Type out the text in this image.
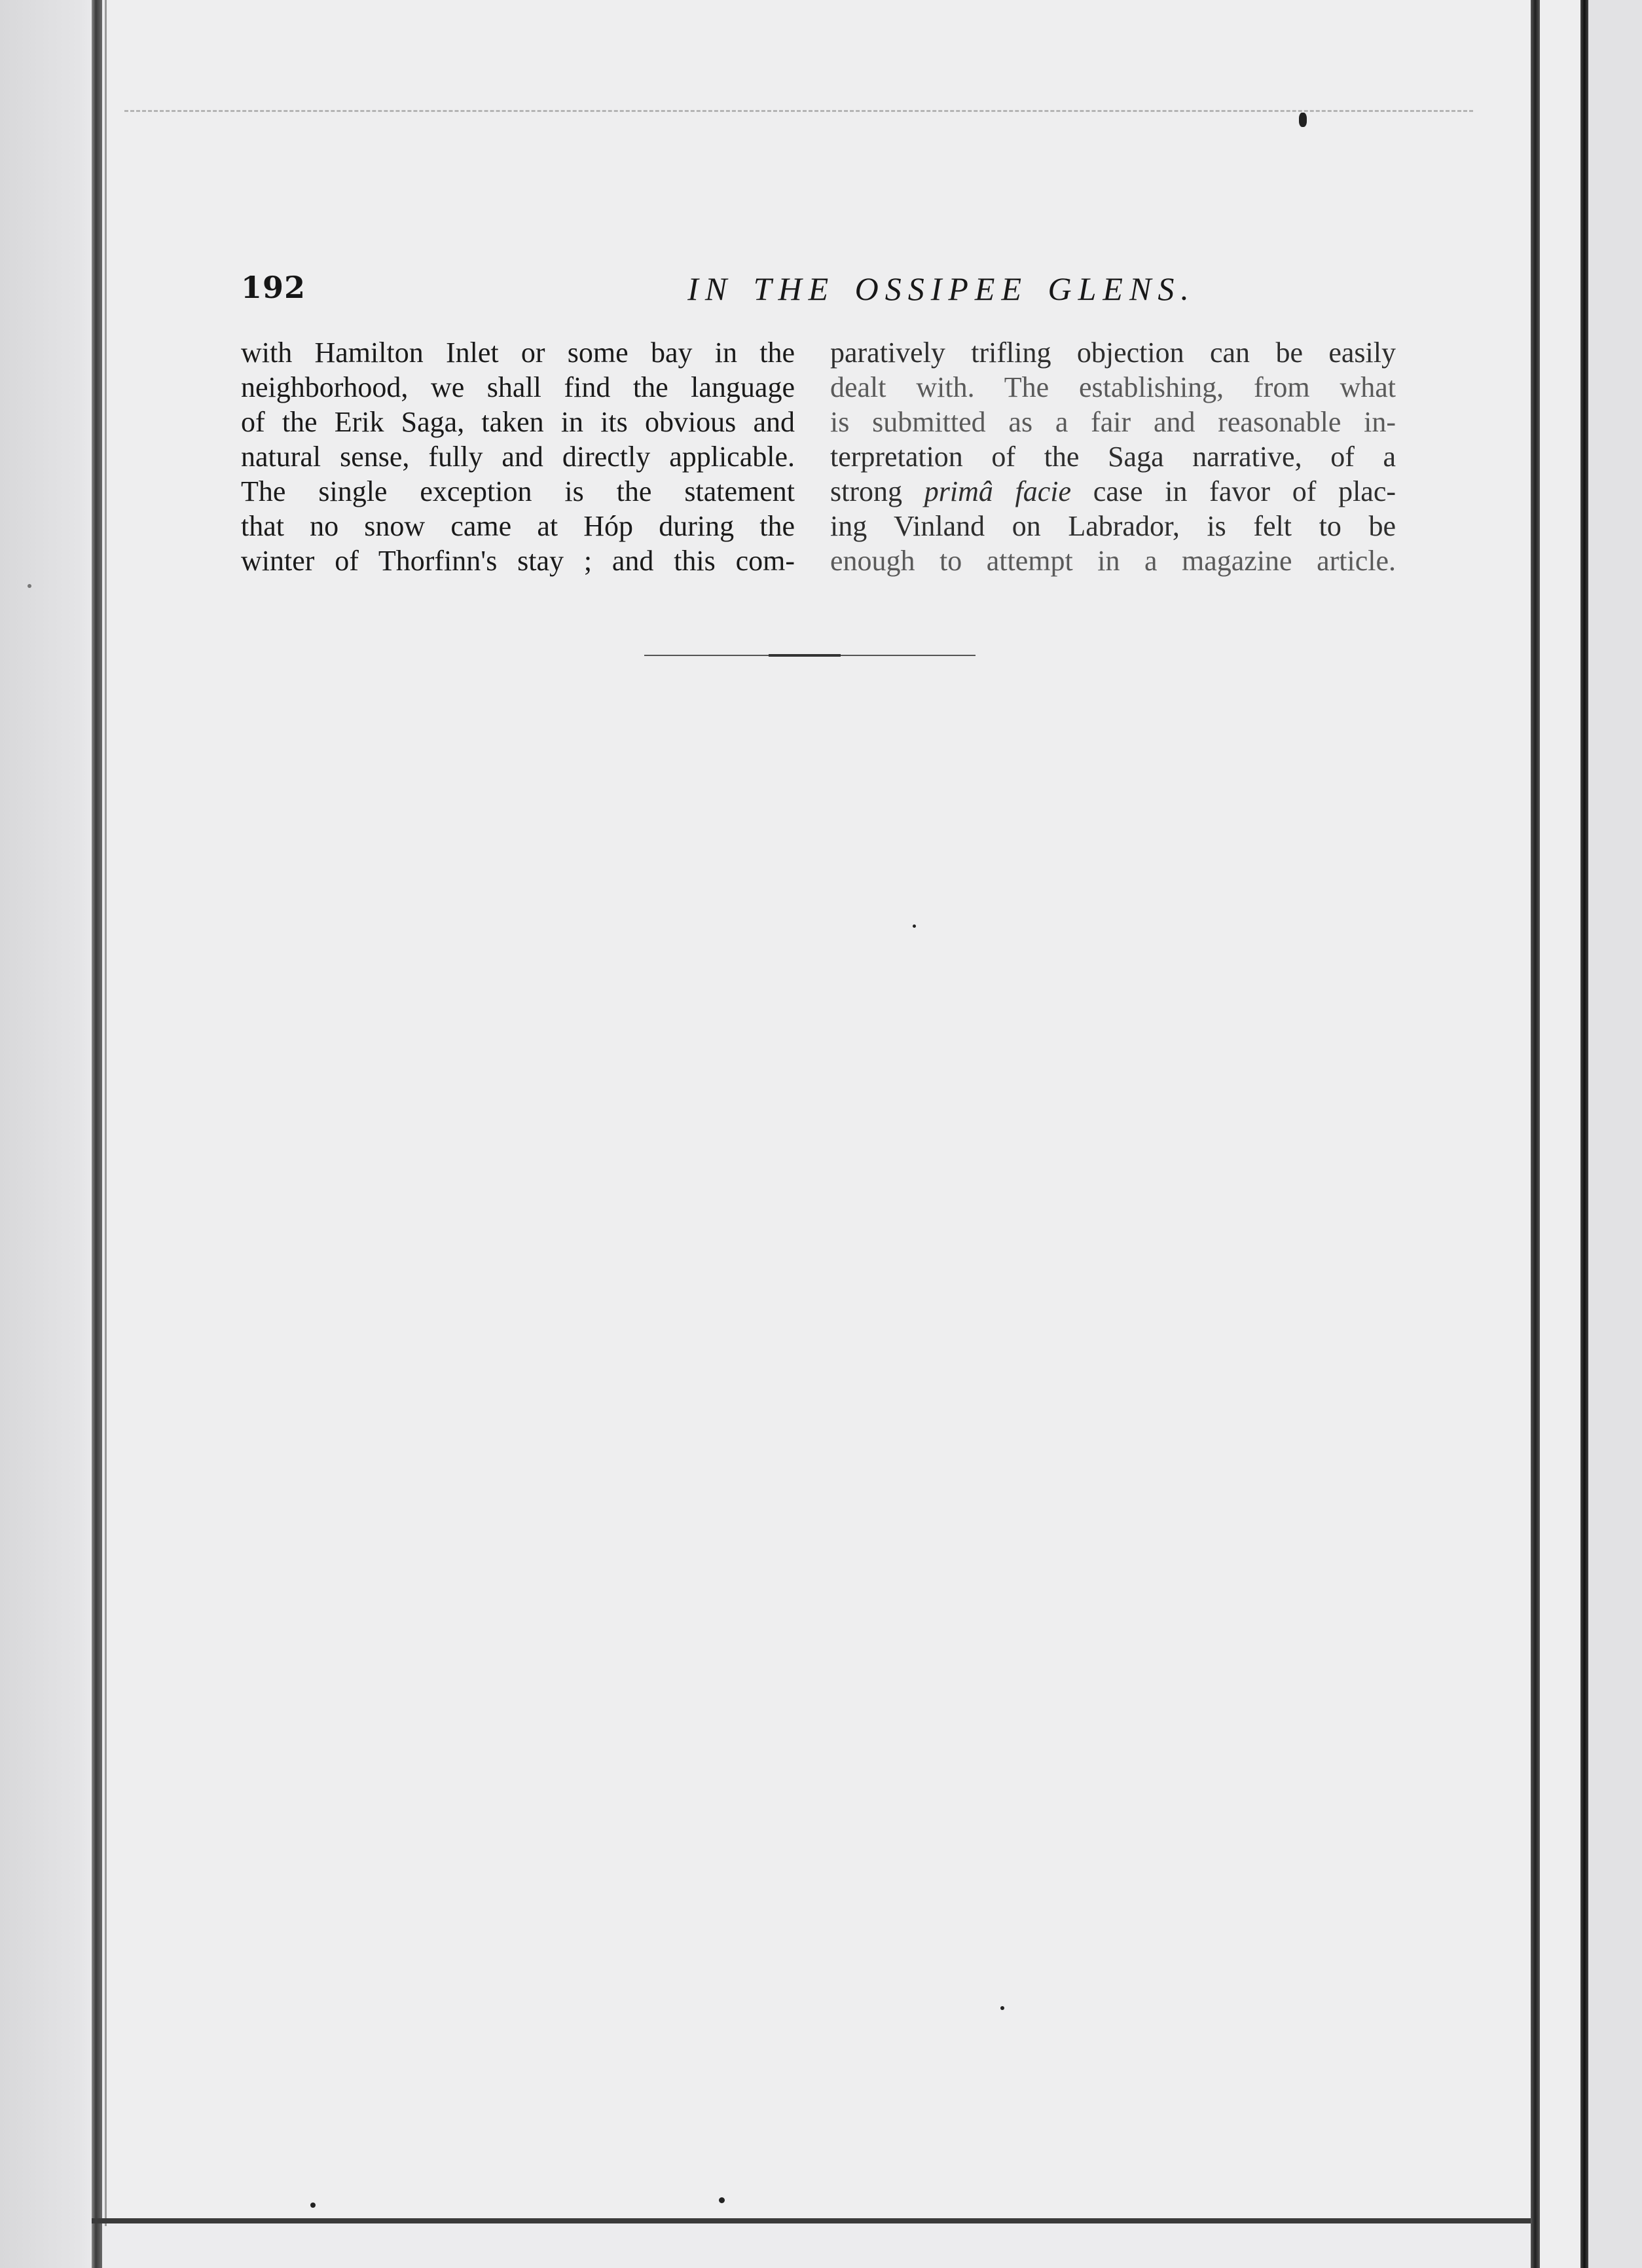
192	IN THE OSSIPEE GLENS.
with Hamilton Inlet or some bay in the
neighborhood, we shall find the language
of the Erik Saga, taken in its obvious and
natural sense, fully and directly applicable.
The single exception is the statement
that no snow came at Hóp during the
winter of Thorfinn's stay ; and this com-
paratively trifling objection can be easily
dealt with. The establishing, from what
is submitted as a fair and reasonable in-
terpretation of the Saga narrative, of a
strong primâ facie case in favor of plac-
ing Vinland on Labrador, is felt to be
enough to attempt in a magazine article.
